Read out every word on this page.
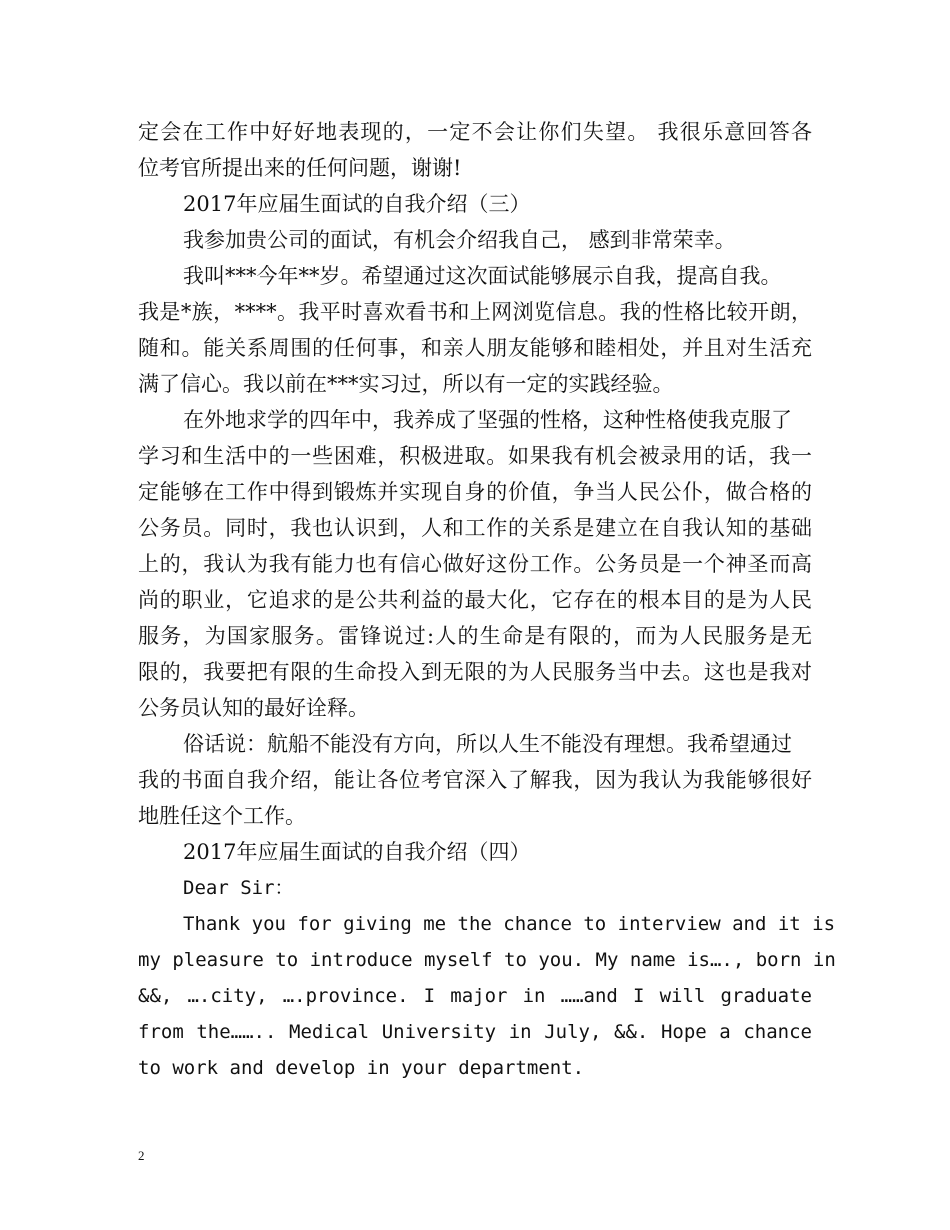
定会在工作中好好地表现的，一定不会让你们失望。 我很乐意回答各
位考官所提出来的任何问题，谢谢!
2017年应届生面试的自我介绍（三）
我参加贵公司的面试，有机会介绍我自己， 感到非常荣幸。
我叫***今年**岁。希望通过这次面试能够展示自我，提高自我。
我是*族，****。我平时喜欢看书和上网浏览信息。我的性格比较开朗，
随和。能关系周围的任何事，和亲人朋友能够和睦相处，并且对生活充
满了信心。我以前在***实习过，所以有一定的实践经验。
在外地求学的四年中，我养成了坚强的性格，这种性格使我克服了
学习和生活中的一些困难，积极进取。如果我有机会被录用的话，我一
定能够在工作中得到锻炼并实现自身的价值，争当人民公仆，做合格的
公务员。同时，我也认识到，人和工作的关系是建立在自我认知的基础
上的，我认为我有能力也有信心做好这份工作。公务员是一个神圣而高
尚的职业，它追求的是公共利益的最大化，它存在的根本目的是为人民
服务，为国家服务。雷锋说过:人的生命是有限的，而为人民服务是无
限的，我要把有限的生命投入到无限的为人民服务当中去。这也是我对
公务员认知的最好诠释。
俗话说：航船不能没有方向，所以人生不能没有理想。我希望通过
我的书面自我介绍，能让各位考官深入了解我，因为我认为我能够很好
地胜任这个工作。
2017年应届生面试的自我介绍（四）
Dear Sir：
Thank you for giving me the chance to interview and it is
my pleasure to introduce myself to you. My name is…., born in
&&, ….city, ….province. I major in ……and I will graduate
from the…….. Medical University in July, &&. Hope a chance
to work and develop in your department.
2
